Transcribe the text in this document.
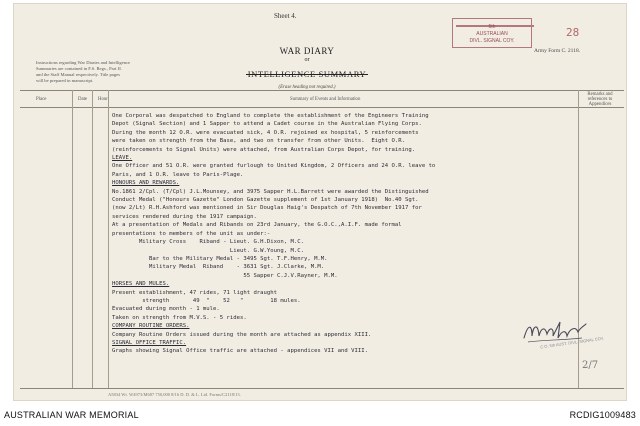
Sheet 4.
Instructions regarding War Diaries and Intelligence
Summaries are contained in F.S. Regs., Part II.
and the Staff Manual respectively. Title pages
will be prepared in manuscript.
5th
AUSTRALIAN
DIVL. SIGNAL COY.
WAR DIARY
or
INTELLIGENCE SUMMARY
(Erase heading not required.)
28
Army Form C. 2118.
Place	Date Hour	Summary of Events and Information
Remarks and references to Appendices
One Corporal was despatched to England to complete the establishment of the Engineers Training
Depot (Signal Section) and 1 Sapper to attend a Cadet course in the Australian Flying Corps.
During the month 12 O.R. were evacuated sick, 4 O.R. rejoined ex hospital, 5 reinforcements
were taken on strength from the Base, and two on transfer from other Units.  Eight O.R.
(reinforcements to Signal Units) were attached, from Australian Corps Depot, for training.
LEAVE.
One Officer and 51 O.R. were granted furlough to United Kingdom, 2 Officers and 24 O.R. leave to
Paris, and 1 O.R. leave to Paris-Plage.
HONOURS AND REWARDS.
No.1861 2/Cpl. (T/Cpl) J.L.Mounsey, and 3975 Sapper H.L.Barrett were awarded the Distinguished
Conduct Medal ("Honours Gazette" London Gazette supplement of 1st January 1918)  No.40 Sgt.
(now 2/Lt) R.H.Ashford was mentioned in Sir Douglas Haig's Despatch of 7th November 1917 for
services rendered during the 1917 campaign.
At a presentation of Medals and Ribands on 23rd January, the G.O.C.,A.I.F. made formal
presentations to members of the unit as under:-
Military Cross    Riband - Lieut. G.H.Dixon, M.C.
Lieut. G.W.Young, M.C.
Bar to the Military Medal - 3495 Sgt. T.F.Henry, M.M.
Military Medal  Riband    - 3631 Sgt. J.Clarke, M.M.
55 Sapper C.J.V.Rayner, M.M.
HORSES AND MULES.
Present establishment, 47 rides, 71 light draught
strength       49  "    52   "        18 mules.
Evacuated during month - 1 mule.
Taken on strength from M.V.S. - 5 rides.
COMPANY ROUTINE ORDERS.
Company Routine Orders issued during the month are attached as appendix XIII.
SIGNAL OFFICE TRAFFIC.
Graphs showing Signal Office traffic are attached - appendices VII and VIII.
C.O. 5th AUST. DIVL. SIGNAL COY.
2/7
A5834 Wt. W4973/M687 750,000 8/16 D. D. & L. Ltd. Forms/C2118/13.
AUSTRALIAN WAR MEMORIAL	RCDIG1009483
